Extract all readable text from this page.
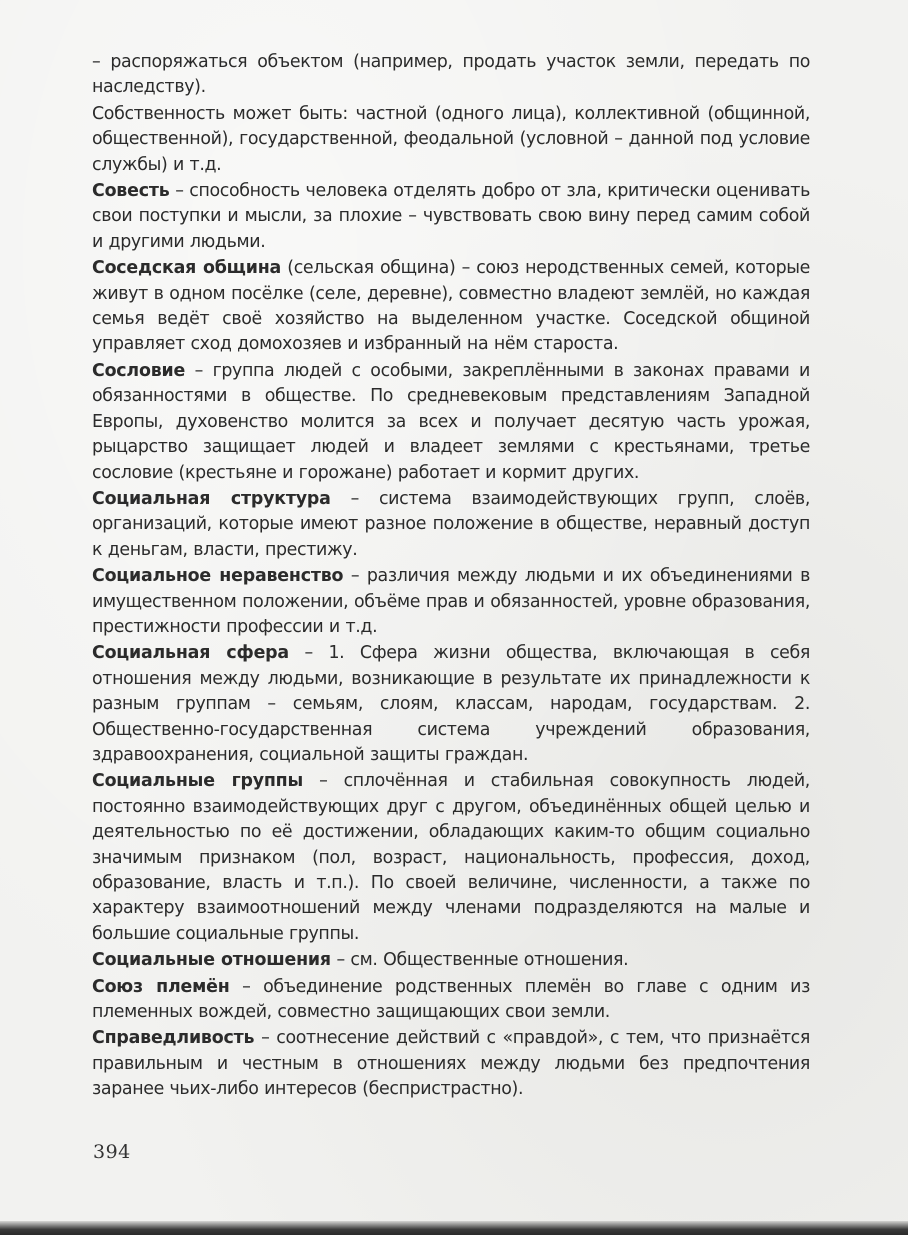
– распоряжаться объектом (например, продать участок земли, передать по наследству).

Собственность может быть: частной (одного лица), коллективной (общинной, общественной), государственной, феодальной (условной – данной под условие службы) и т.д.

Совесть – способность человека отделять добро от зла, критически оценивать свои поступки и мысли, за плохие – чувствовать свою вину перед самим собой и другими людьми.

Соседская община (сельская община) – союз неродственных семей, которые живут в одном посёлке (селе, деревне), совместно владеют землёй, но каждая семья ведёт своё хозяйство на выделенном участке. Соседской общиной управляет сход домохозяев и избранный на нём староста.

Сословие – группа людей с особыми, закреплёнными в законах правами и обязанностями в обществе. По средневековым представлениям Западной Европы, духовенство молится за всех и получает десятую часть урожая, рыцарство защищает людей и владеет землями с крестьянами, третье сословие (крестьяне и горожане) работает и кормит других.

Социальная структура – система взаимодействующих групп, слоёв, организаций, которые имеют разное положение в обществе, неравный доступ к деньгам, власти, престижу.

Социальное неравенство – различия между людьми и их объединениями в имущественном положении, объёме прав и обязанностей, уровне образования, престижности профессии и т.д.

Социальная сфера – 1. Сфера жизни общества, включающая в себя отношения между людьми, возникающие в результате их принадлежности к разным группам – семьям, слоям, классам, народам, государствам. 2. Общественно-государственная система учреждений образования, здравоохранения, социальной защиты граждан.

Социальные группы – сплочённая и стабильная совокупность людей, постоянно взаимодействующих друг с другом, объединённых общей целью и деятельностью по её достижении, обладающих каким-то общим социально значимым признаком (пол, возраст, национальность, профессия, доход, образование, власть и т.п.). По своей величине, численности, а также по характеру взаимоотношений между членами подразделяются на малые и большие социальные группы.

Социальные отношения – см. Общественные отношения.

Союз племён – объединение родственных племён во главе с одним из племенных вождей, совместно защищающих свои земли.

Справедливость – соотнесение действий с «правдой», с тем, что признаётся правильным и честным в отношениях между людьми без предпочтения заранее чьих-либо интересов (беспристрастно).

394
